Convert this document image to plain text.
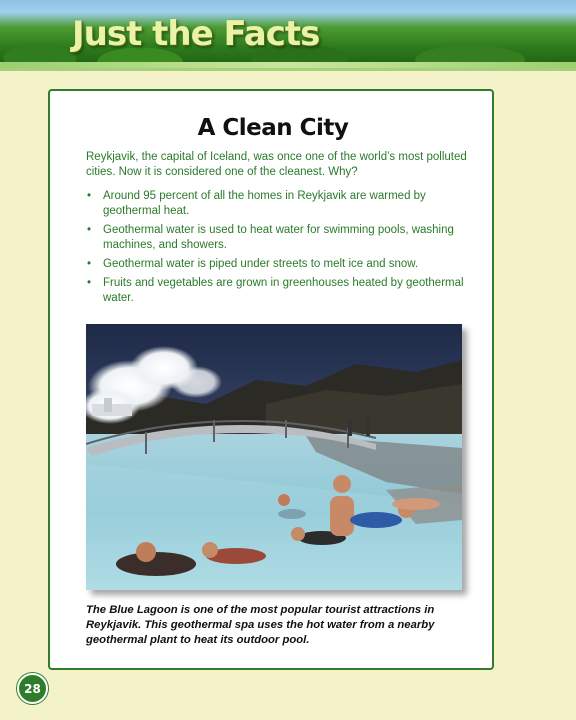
Just the Facts
A Clean City

Reykjavik, the capital of Iceland, was once one of the world’s most polluted cities. Now it is considered one of the cleanest. Why?

• Around 95 percent of all the homes in Reykjavik are warmed by geothermal heat.
• Geothermal water is used to heat water for swimming pools, washing machines, and showers.
• Geothermal water is piped under streets to melt ice and snow.
• Fruits and vegetables are grown in greenhouses heated by geothermal water.

The Blue Lagoon is one of the most popular tourist attractions in Reykjavik. This geothermal spa uses the hot water from a nearby geothermal plant to heat its outdoor pool.

28
